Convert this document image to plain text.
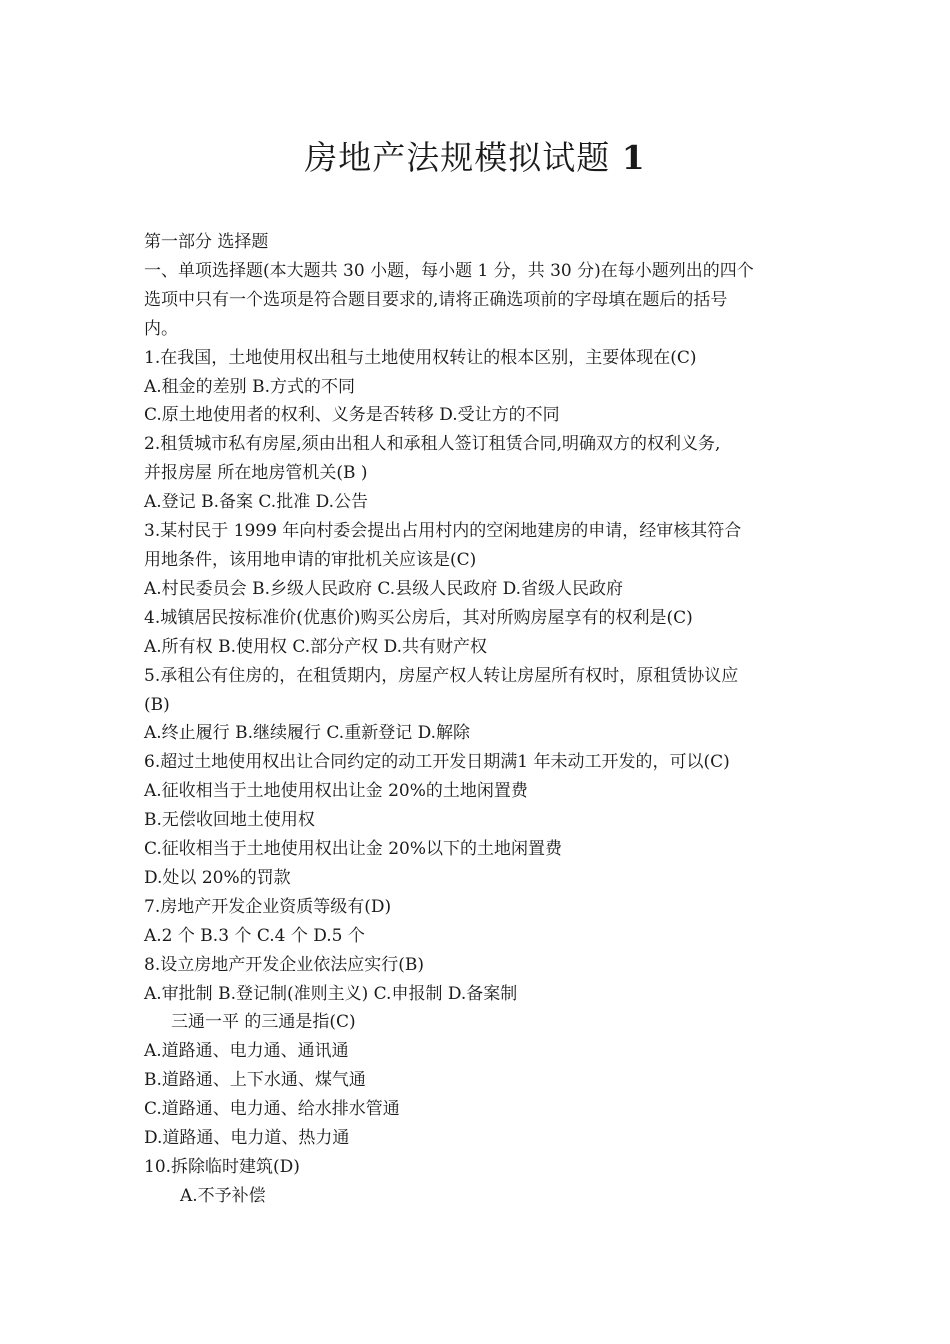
房地产法规模拟试题 1

第一部分 选择题

一、单项选择题(本大题共 30 小题，每小题 1 分，共 30 分)在每小题列出的四个

选项中只有一个选项是符合题目要求的,请将正确选项前的字母填在题后的括号

内。

1.在我国，土地使用权出租与土地使用权转让的根本区别，主要体现在(C)

A.租金的差别 B.方式的不同

C.原土地使用者的权利、义务是否转移 D.受让方的不同

2.租赁城市私有房屋,须由出租人和承租人签订租赁合同,明确双方的权利义务,

并报房屋 所在地房管机关(B )

A.登记 B.备案 C.批准 D.公告

3.某村民于 1999 年向村委会提出占用村内的空闲地建房的申请，经审核其符合

用地条件，该用地申请的审批机关应该是(C)

A.村民委员会 B.乡级人民政府 C.县级人民政府 D.省级人民政府

4.城镇居民按标准价(优惠价)购买公房后，其对所购房屋享有的权利是(C)

A.所有权 B.使用权 C.部分产权 D.共有财产权

5.承租公有住房的，在租赁期内，房屋产权人转让房屋所有权时，原租赁协议应

(B)

A.终止履行 B.继续履行 C.重新登记 D.解除

6.超过土地使用权出让合同约定的动工开发日期满1 年未动工开发的，可以(C)

A.征收相当于土地使用权出让金 20%的土地闲置费

B.无偿收回地土使用权

C.征收相当于土地使用权出让金 20%以下的土地闲置费

D.处以 20%的罚款

7.房地产开发企业资质等级有(D)

A.2 个 B.3 个 C.4 个 D.5 个

8.设立房地产开发企业依法应实行(B)

A.审批制 B.登记制(准则主义) C.申报制 D.备案制

三通一平 的三通是指(C)

A.道路通、电力通、通讯通

B.道路通、上下水通、煤气通

C.道路通、电力通、给水排水管通

D.道路通、电力道、热力通

10.拆除临时建筑(D)

A.不予补偿
